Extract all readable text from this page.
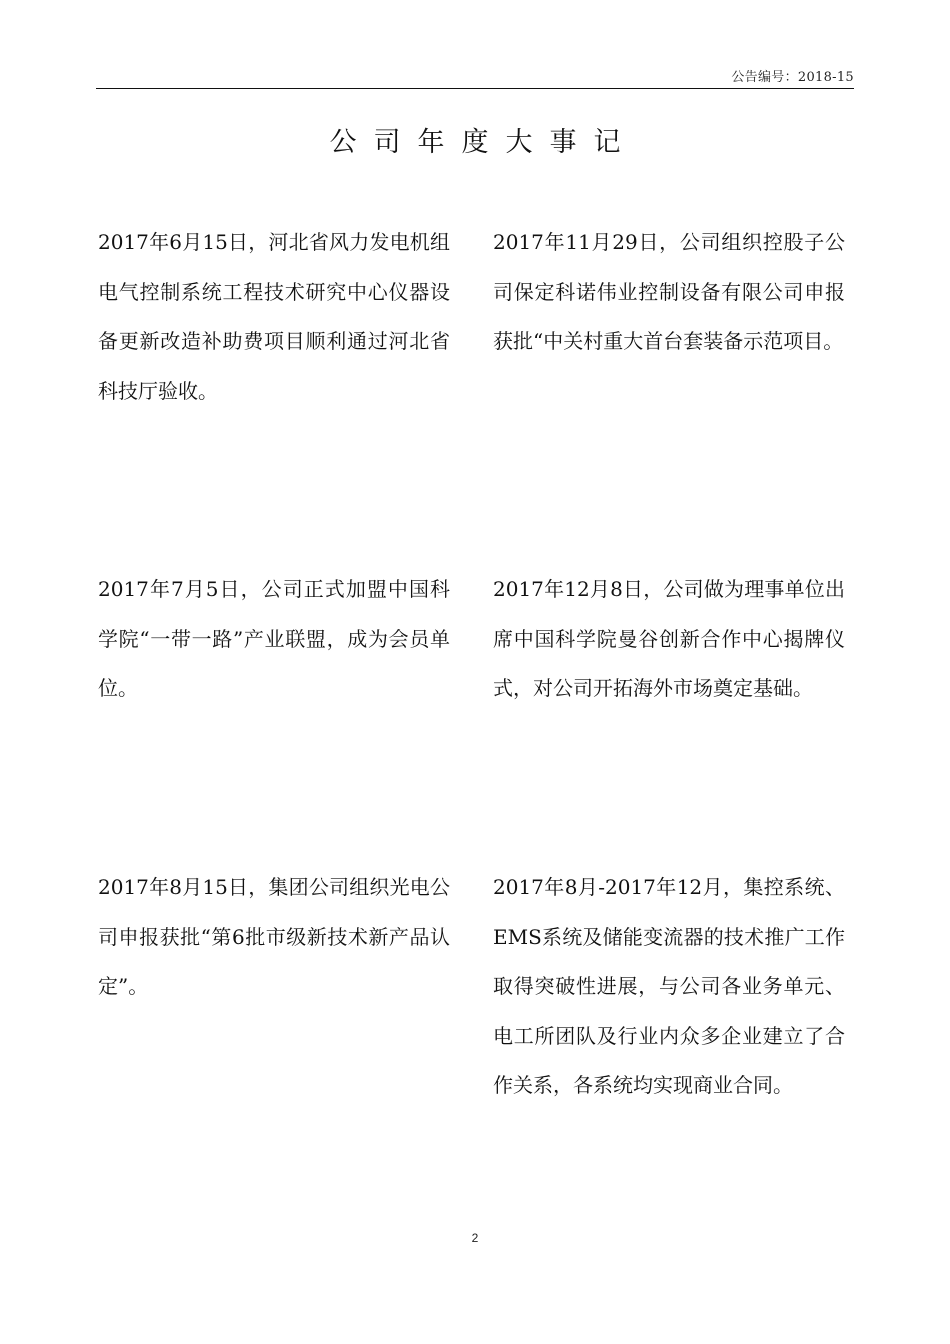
公告编号：2018-15
公司年度大事记
2017年6月15日，河北省风力发电机组电气控制系统工程技术研究中心仪器设备更新改造补助费项目顺利通过河北省科技厅验收。
2017年11月29日，公司组织控股子公司保定科诺伟业控制设备有限公司申报获批“中关村重大首台套装备示范项目。
2017年7月5日，公司正式加盟中国科学院“一带一路”产业联盟，成为会员单位。
2017年12月8日，公司做为理事单位出席中国科学院曼谷创新合作中心揭牌仪式，对公司开拓海外市场奠定基础。
2017年8月15日，集团公司组织光电公司申报获批“第6批市级新技术新产品认定”。
2017年8月-2017年12月，集控系统、EMS系统及储能变流器的技术推广工作取得突破性进展，与公司各业务单元、电工所团队及行业内众多企业建立了合作关系，各系统均实现商业合同。
2
